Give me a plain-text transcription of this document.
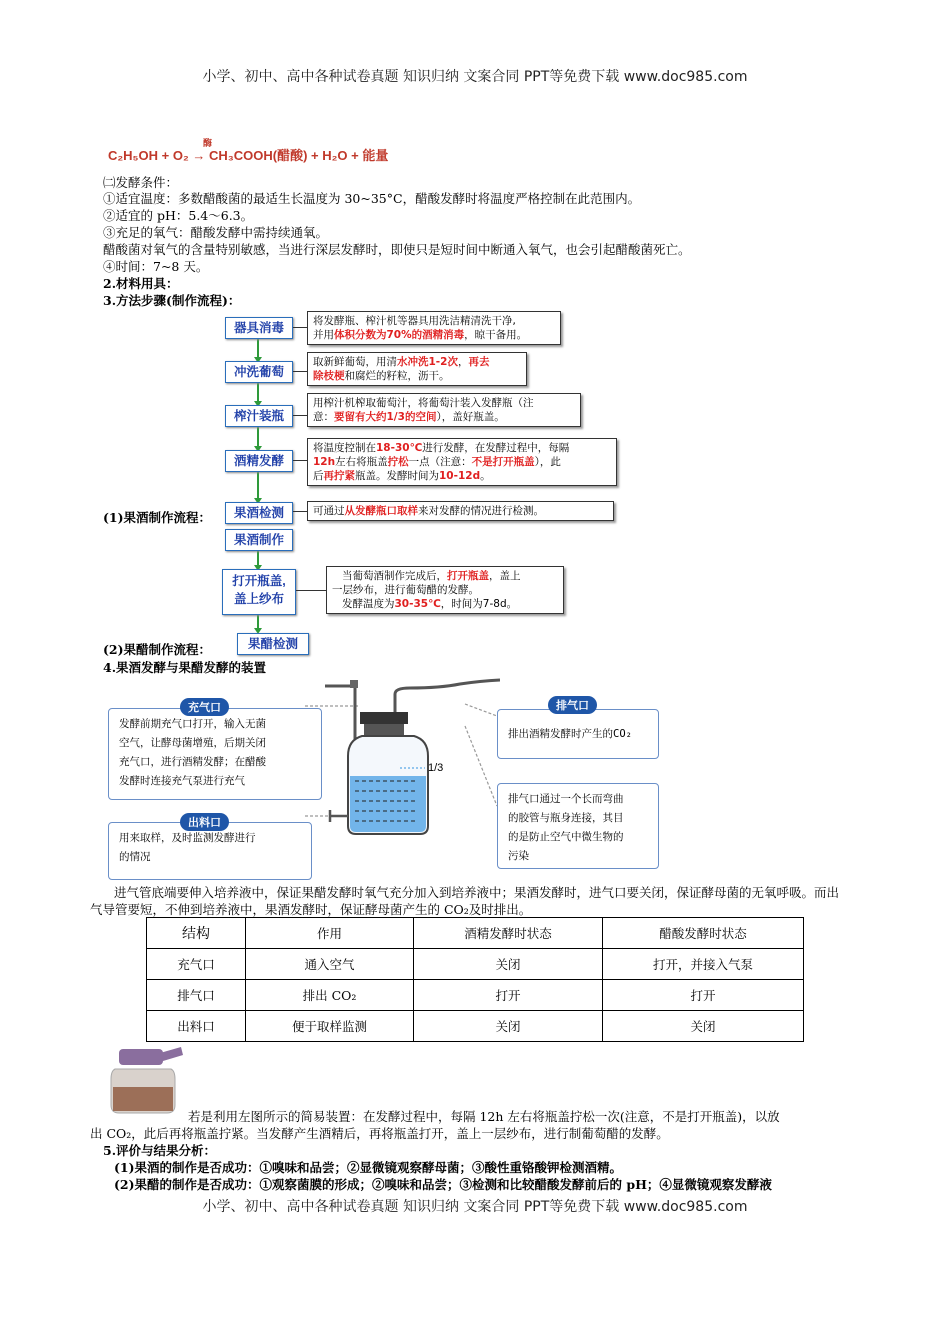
小学、初中、高中各种试卷真题 知识归纳 文案合同 PPT等免费下载 www.doc985.com
C₂H₅OH + O₂
酶
→ CH₃COOH(醋酸) + H₂O + 能量
㈡发酵条件：
①适宜温度：多数醋酸菌的最适生长温度为 30~35°C，醋酸发酵时将温度严格控制在此范围内。
②适宜的 pH：5.4～6.3。
③充足的氧气：醋酸发酵中需持续通氧。
醋酸菌对氧气的含量特别敏感，当进行深层发酵时，即使只是短时间中断通入氧气，也会引起醋酸菌死亡。
④时间：7~8 天。
2.材料用具：
3.方法步骤(制作流程)：
器具消毒
冲洗葡萄
榨汁装瓶
酒精发酵
果酒检测
果酒制作
打开瓶盖,
盖上纱布
果醋检测
将发酵瓶、榨汁机等器具用洗洁精清洗干净,
并用体积分数为70%的酒精消毒，晾干备用。
取新鲜葡萄，用清水冲洗1-2次，再去
除枝梗和腐烂的籽粒，沥干。
用榨汁机榨取葡萄汁，将葡萄汁装入发酵瓶（注
意：要留有大约1/3的空间），盖好瓶盖。
将温度控制在18-30℃进行发酵，在发酵过程中，每隔
12h左右将瓶盖拧松一点（注意：不是打开瓶盖），此
后再拧紧瓶盖。发酵时间为10-12d。
可通过从发酵瓶口取样来对发酵的情况进行检测。
当葡萄酒制作完成后，打开瓶盖，盖上
一层纱布，进行葡萄醋的发酵。
发酵温度为30-35℃，时间为7-8d。
(1)果酒制作流程：
(2)果醋制作流程：
4.果酒发酵与果醋发酵的装置
发酵前期充气口打开，输入无菌
空气，让酵母菌增殖，后期关闭
充气口，进行酒精发酵；在醋酸
发酵时连接充气泵进行充气
充气口
用来取样，及时监测发酵进行
的情况
出料口
排出酒精发酵时产生的CO₂
排气口
排气口通过一个长而弯曲
的胶管与瓶身连接，其目
的是防止空气中微生物的
污染
1/3
进气管底端要伸入培养液中，保证果醋发酵时氧气充分加入到培养液中；果酒发酵时，进气口要关闭，保证酵母菌的无氧呼吸。而出气导管要短，不伸到培养液中，果酒发酵时，保证酵母菌产生的 CO₂及时排出。
结构	作用	酒精发酵时状态	醋酸发酵时状态
充气口	通入空气	关闭	打开，并接入气泵
排气口	排出 CO₂	打开	打开
出料口	便于取样监测	关闭	关闭
若是利用左图所示的简易装置：在发酵过程中，每隔 12h 左右将瓶盖拧松一次(注意，不是打开瓶盖)，以放
出 CO₂，此后再将瓶盖拧紧。当发酵产生酒精后，再将瓶盖打开，盖上一层纱布，进行制葡萄醋的发酵。
5.评价与结果分析：
(1)果酒的制作是否成功：①嗅味和品尝；②显微镜观察酵母菌；③酸性重铬酸钾检测酒精。
(2)果醋的制作是否成功：①观察菌膜的形成；②嗅味和品尝；③检测和比较醋酸发酵前后的 pH；④显微镜观察发酵液
小学、初中、高中各种试卷真题 知识归纳 文案合同 PPT等免费下载 www.doc985.com
